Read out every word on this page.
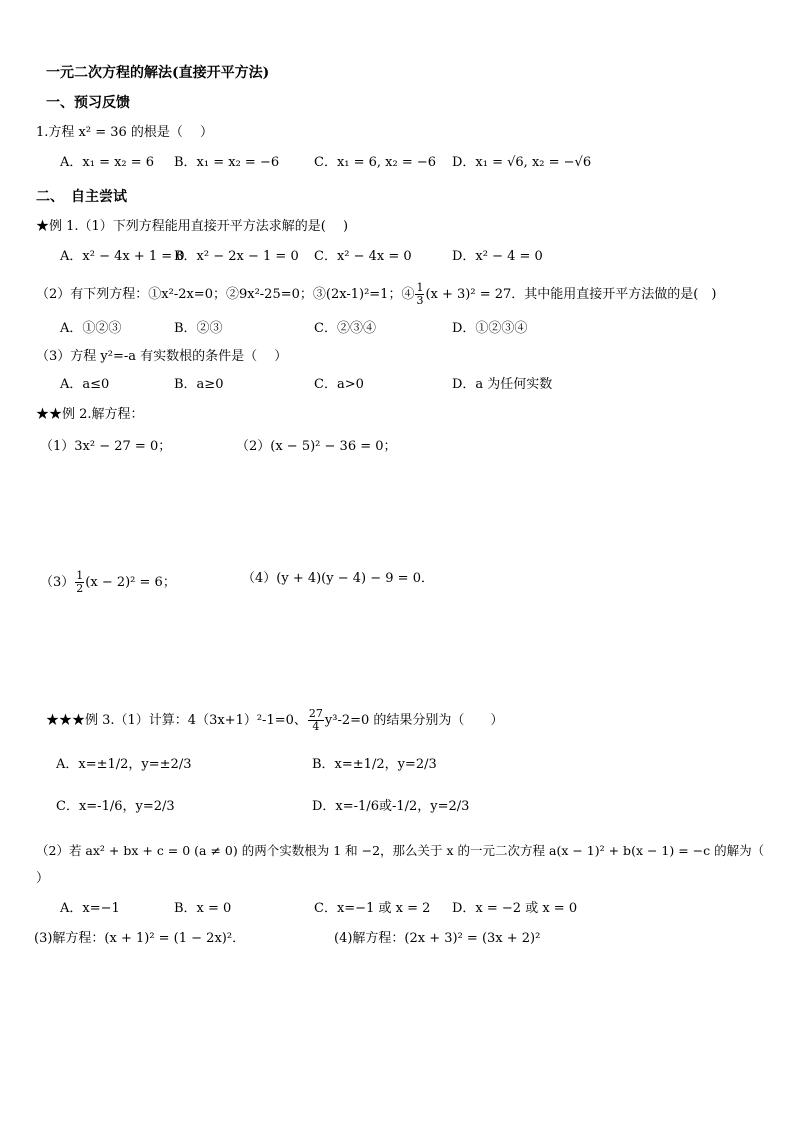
一元二次方程的解法(直接开平方法)
一、预习反馈
1.方程 x² = 36 的根是（　 ）
A．x₁ = x₂ = 6 B．x₁ = x₂ = −6	C．x₁ = 6, x₂ = −6 D．x₁ = √6, x₂ = −√6
二、　自主尝试
★例 1.（1）下列方程能用直接开平方法求解的是(　 )
A．x² − 4x + 1 = 0
B．x² − 2x − 1 = 0 C．x² − 4x = 0	D．x² − 4 = 0
（2）有下列方程：①x²-2x=0；②9x²-25=0；③(2x-1)²=1；④ $\frac{1}{3} (x + 3)^2 = 27$．其中能用直接开平方法做的是(　)
A．①②③	B．②③	C．②③④	D．①②③④
（3）方程 y²=-a 有实数根的条件是（　 ）
A．a≤0	B．a≥0	C．a>0	D．a 为任何实数
★★例 2.解方程：
（1）3x² − 27 = 0；	（2）(x − 5)² − 36 = 0；
$(3) \frac{1}{2} (x - 2)^2 = 6$；	（4）(y + 4)(y − 4) − 9 = 0．
★★★例 3.（1）计算：4（3x+1）²-1=0、 $\frac{27}{4} y^3-2=0$ 的结果分别为（　　）
A．x=±1/2，y=±2/3	B．x=±1/2，y=2/3
C．x=-1/6，y=2/3	D．x=-1/6或-1/2，y=2/3
（2）若 ax² + bx + c = 0 (a ≠ 0) 的两个实数根为 1 和 −2，那么关于 x 的一元二次方程 a(x − 1)² + b(x − 1) = −c 的解为（
）
A．x=−1	B．x = 0	C．x=−1 或 x = 2 D．x = −2 或 x = 0
(3)解方程：(x + 1)² = (1 − 2x)²．	(4)解方程：(2x + 3)² = (3x + 2)²
